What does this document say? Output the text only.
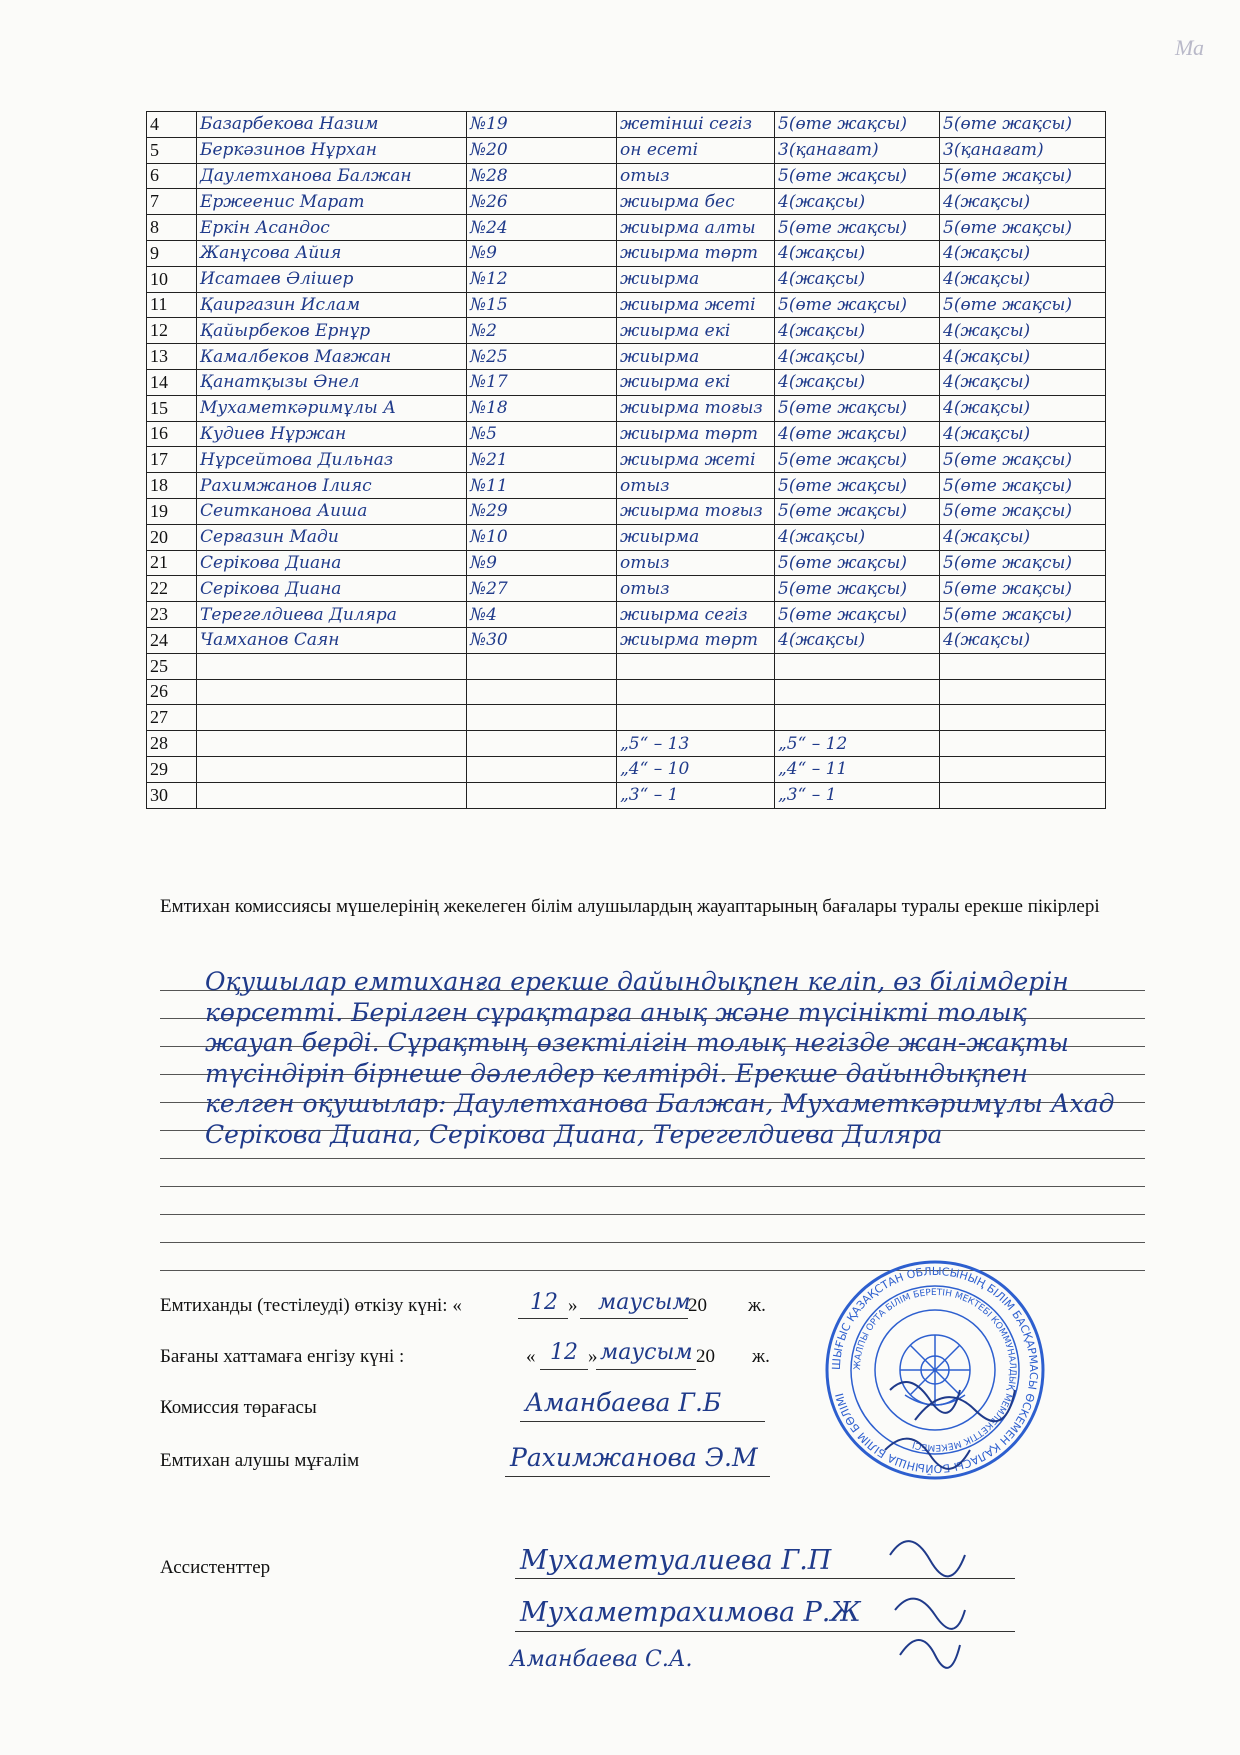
Ма
4	Базарбекова Назим	№19	жетінші сегіз	5(өте жақсы)	5(өте жақсы)
5	Беркәзинов Нұрхан	№20	он есеті	3(қанағат)	3(қанағат)
6	Даулетханова Балжан	№28	отыз	5(өте жақсы)	5(өте жақсы)
7	Ержеенис Марат	№26	жиырма бес	4(жақсы)	4(жақсы)
8	Еркін Асандос	№24	жиырма алты	5(өте жақсы)	5(өте жақсы)
9	Жанұсова Айия	№9	жиырма төрт	4(жақсы)	4(жақсы)
10	Исатаев Әлішер	№12	жиырма	4(жақсы)	4(жақсы)
11	Қаиргазин Ислам	№15	жиырма жеті	5(өте жақсы)	5(өте жақсы)
12	Қайырбеков Ернұр	№2	жиырма екі	4(жақсы)	4(жақсы)
13	Камалбеков Мағжан	№25	жиырма	4(жақсы)	4(жақсы)
14	Қанатқызы Әнел	№17	жиырма екі	4(жақсы)	4(жақсы)
15	Мухаметкәримұлы А	№18	жиырма тоғыз	5(өте жақсы)	4(жақсы)
16	Кудиев Нұржан	№5	жиырма төрт	4(өте жақсы)	4(жақсы)
17	Нұрсейтова Дильназ	№21	жиырма жеті	5(өте жақсы)	5(өте жақсы)
18	Рахимжанов Ілияс	№11	отыз	5(өте жақсы)	5(өте жақсы)
19	Сеитканова Аиша	№29	жиырма тоғыз	5(өте жақсы)	5(өте жақсы)
20	Серғазин Мади	№10	жиырма	4(жақсы)	4(жақсы)
21	Серікова Диана	№9	отыз	5(өте жақсы)	5(өте жақсы)
22	Серікова Диана	№27	отыз	5(өте жақсы)	5(өте жақсы)
23	Терегелдиева Диляра	№4	жиырма сегіз	5(өте жақсы)	5(өте жақсы)
24	Чамханов Саян	№30	жиырма төрт	4(жақсы)	4(жақсы)
25					
26					
27					
28			„5“ – 13	„5“ – 12	
29			„4“ – 10	„4“ – 11	
30			„3“ – 1	„3“ – 1	
Емтихан комиссиясы мүшелерінің жекелеген білім алушылардың жауаптарының бағалары туралы ерекше пікірлері
Оқушылар емтиханға ерекше дайындықпен келіп, өз білімдерін
көрсетті. Берілген сұрақтарға анық және түсінікті толық
жауап берді. Сұрақтың өзектілігін толық негізде жан-жақты
түсіндіріп бірнеше дәлелдер келтірді. Ерекше дайындықпен
келген оқушылар: Даулетханова Балжан, Мухаметкәримұлы Ахад
Серікова Диана, Серікова Диана, Терегелдиева Диляра
Емтиханды (тестілеуді) өткізу күні: «	12 » маусым
20 ж.
Бағаны хаттамаға енгізу күні :	« 12 » маусым 20 ж.
Комиссия төрағасы	Аманбаева Г.Б
Емтихан алушы мұғалім	Рахимжанова Э.М
Ассистенттер	Мухаметуалиева Г.П
Мухаметрахимова Р.Ж
Аманбаева С.А.
ШЫҒЫС ҚАЗАҚСТАН ОБЛЫСЫНЫҢ БІЛІМ БАСҚАРМАСЫ ӨСКЕМЕН ҚАЛАСЫ БОЙЫНША БІЛІМ БӨЛІМІ
ЖАЛПЫ ОРТА БІЛІМ БЕРЕТІН МЕКТЕБІ КОММУНАЛДЫҚ МЕМЛЕКЕТТІК МЕКЕМЕСІ
